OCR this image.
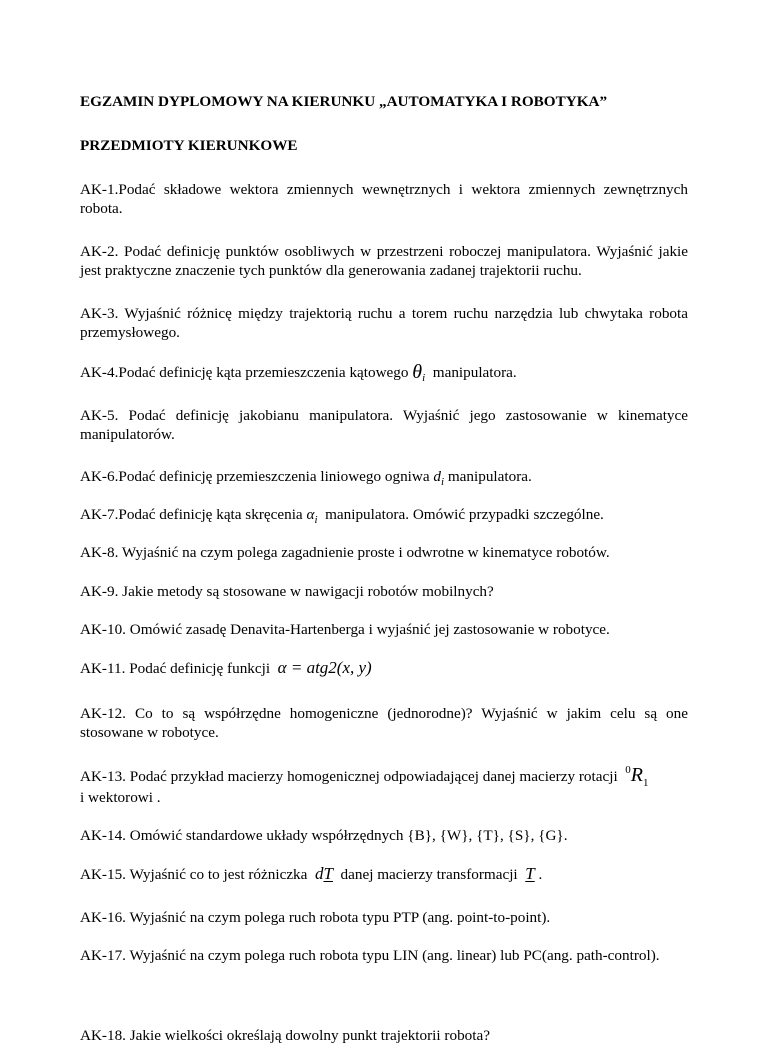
EGZAMIN DYPLOMOWY NA KIERUNKU „AUTOMATYKA I ROBOTYKA”
PRZEDMIOTY KIERUNKOWE
AK-1.Podać składowe wektora zmiennych wewnętrznych i wektora zmiennych zewnętrznych robota.
AK-2. Podać definicję punktów osobliwych w przestrzeni roboczej manipulatora. Wyjaśnić jakie jest praktyczne znaczenie tych punktów dla generowania zadanej trajektorii ruchu.
AK-3. Wyjaśnić różnicę między trajektorią ruchu a torem ruchu narzędzia lub chwytaka robota przemysłowego.
AK-4.Podać definicję kąta przemieszczenia kątowego $\theta_i$ manipulatora.
AK-5. Podać definicję jakobianu manipulatora. Wyjaśnić jego zastosowanie w kinematyce manipulatorów.
AK-6.Podać definicję przemieszczenia liniowego ogniwa $d_i$ manipulatora.
AK-7.Podać definicję kąta skręcenia $\alpha_i$ manipulatora. Omówić przypadki szczególne.
AK-8. Wyjaśnić na czym polega zagadnienie proste i odwrotne w kinematyce robotów.
AK-9. Jakie metody są stosowane w nawigacji robotów mobilnych?
AK-10. Omówić zasadę Denavita-Hartenberga i wyjaśnić jej zastosowanie w robotyce.
AK-11. Podać definicję funkcji α = atg2(x, y)
AK-12. Co to są współrzędne homogeniczne (jednorodne)? Wyjaśnić w jakim celu są one stosowane w robotyce.
AK-13. Podać przykład macierzy homogenicznej odpowiadającej danej macierzy rotacji $^0R_1$
i wektorowi .
AK-14. Omówić standardowe układy współrzędnych {B}, {W}, {T}, {S}, {G}.
AK-15. Wyjaśnić co to jest różniczka dT danej macierzy transformacji T .
AK-16. Wyjaśnić na czym polega ruch robota typu PTP (ang. point-to-point).
AK-17. Wyjaśnić na czym polega ruch robota typu LIN (ang. linear) lub PC(ang. path-control).
AK-18. Jakie wielkości określają dowolny punkt trajektorii robota?
